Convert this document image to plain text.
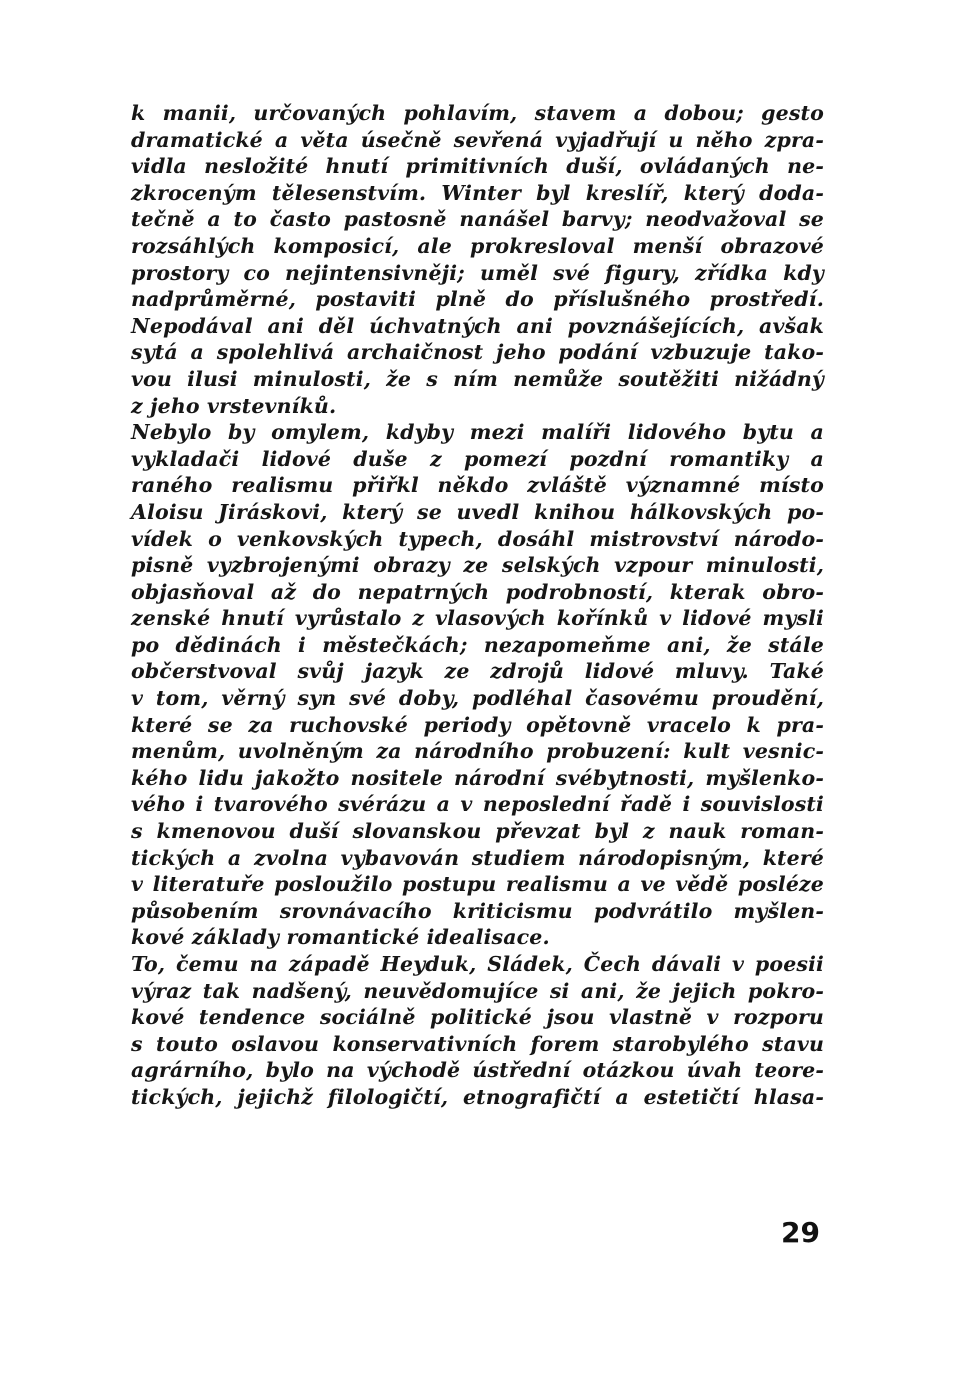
k manii, určovaných pohlavím, stavem a dobou; gesto
dramatické a věta úsečně sevřená vyjadřují u něho zpra-
vidla nesložité hnutí primitivních duší, ovládaných ne-
zkroceným tělesenstvím. Winter byl kreslíř, který doda-
tečně a to často pastosně nanášel barvy; neodvažoval se
rozsáhlých komposicí, ale prokresloval menší obrazové
prostory co nejintensivněji; uměl své figury, zřídka kdy
nadprůměrné, postaviti plně do příslušného prostředí.
Nepodával ani děl úchvatných ani povznášejících, avšak
sytá a spolehlivá archaičnost jeho podání vzbuzuje tako-
vou ilusi minulosti, že s ním nemůže soutěžiti nižádný
z jeho vrstevníků.
Nebylo by omylem, kdyby mezi malíři lidového bytu a
vykladači lidové duše z pomezí pozdní romantiky a
raného realismu přiřkl někdo zvláště významné místo
Aloisu Jiráskovi, který se uvedl knihou hálkovských po-
vídek o venkovských typech, dosáhl mistrovství národo-
pisně vyzbrojenými obrazy ze selských vzpour minulosti,
objasňoval až do nepatrných podrobností, kterak obro-
zenské hnutí vyrůstalo z vlasových kořínků v lidové mysli
po dědinách i městečkách; nezapomeňme ani, že stále
občerstvoval svůj jazyk ze zdrojů lidové mluvy. Také
v tom, věrný syn své doby, podléhal časovému proudění,
které se za ruchovské periody opětovně vracelo k pra-
menům, uvolněným za národního probuzení: kult vesnic-
kého lidu jakožto nositele národní svébytnosti, myšlenko-
vého i tvarového svérázu a v neposlední řadě i souvislosti
s kmenovou duší slovanskou převzat byl z nauk roman-
tických a zvolna vybavován studiem národopisným, které
v literatuře posloužilo postupu realismu a ve vědě posléze
působením srovnávacího kriticismu podvrátilo myšlen-
kové základy romantické idealisace.
To, čemu na západě Heyduk, Sládek, Čech dávali v poesii
výraz tak nadšený, neuvědomujíce si ani, že jejich pokro-
kové tendence sociálně politické jsou vlastně v rozporu
s touto oslavou konservativních forem starobylého stavu
agrárního, bylo na východě ústřední otázkou úvah teore-
tických, jejichž filologičtí, etnografičtí a estetičtí hlasa-
29
